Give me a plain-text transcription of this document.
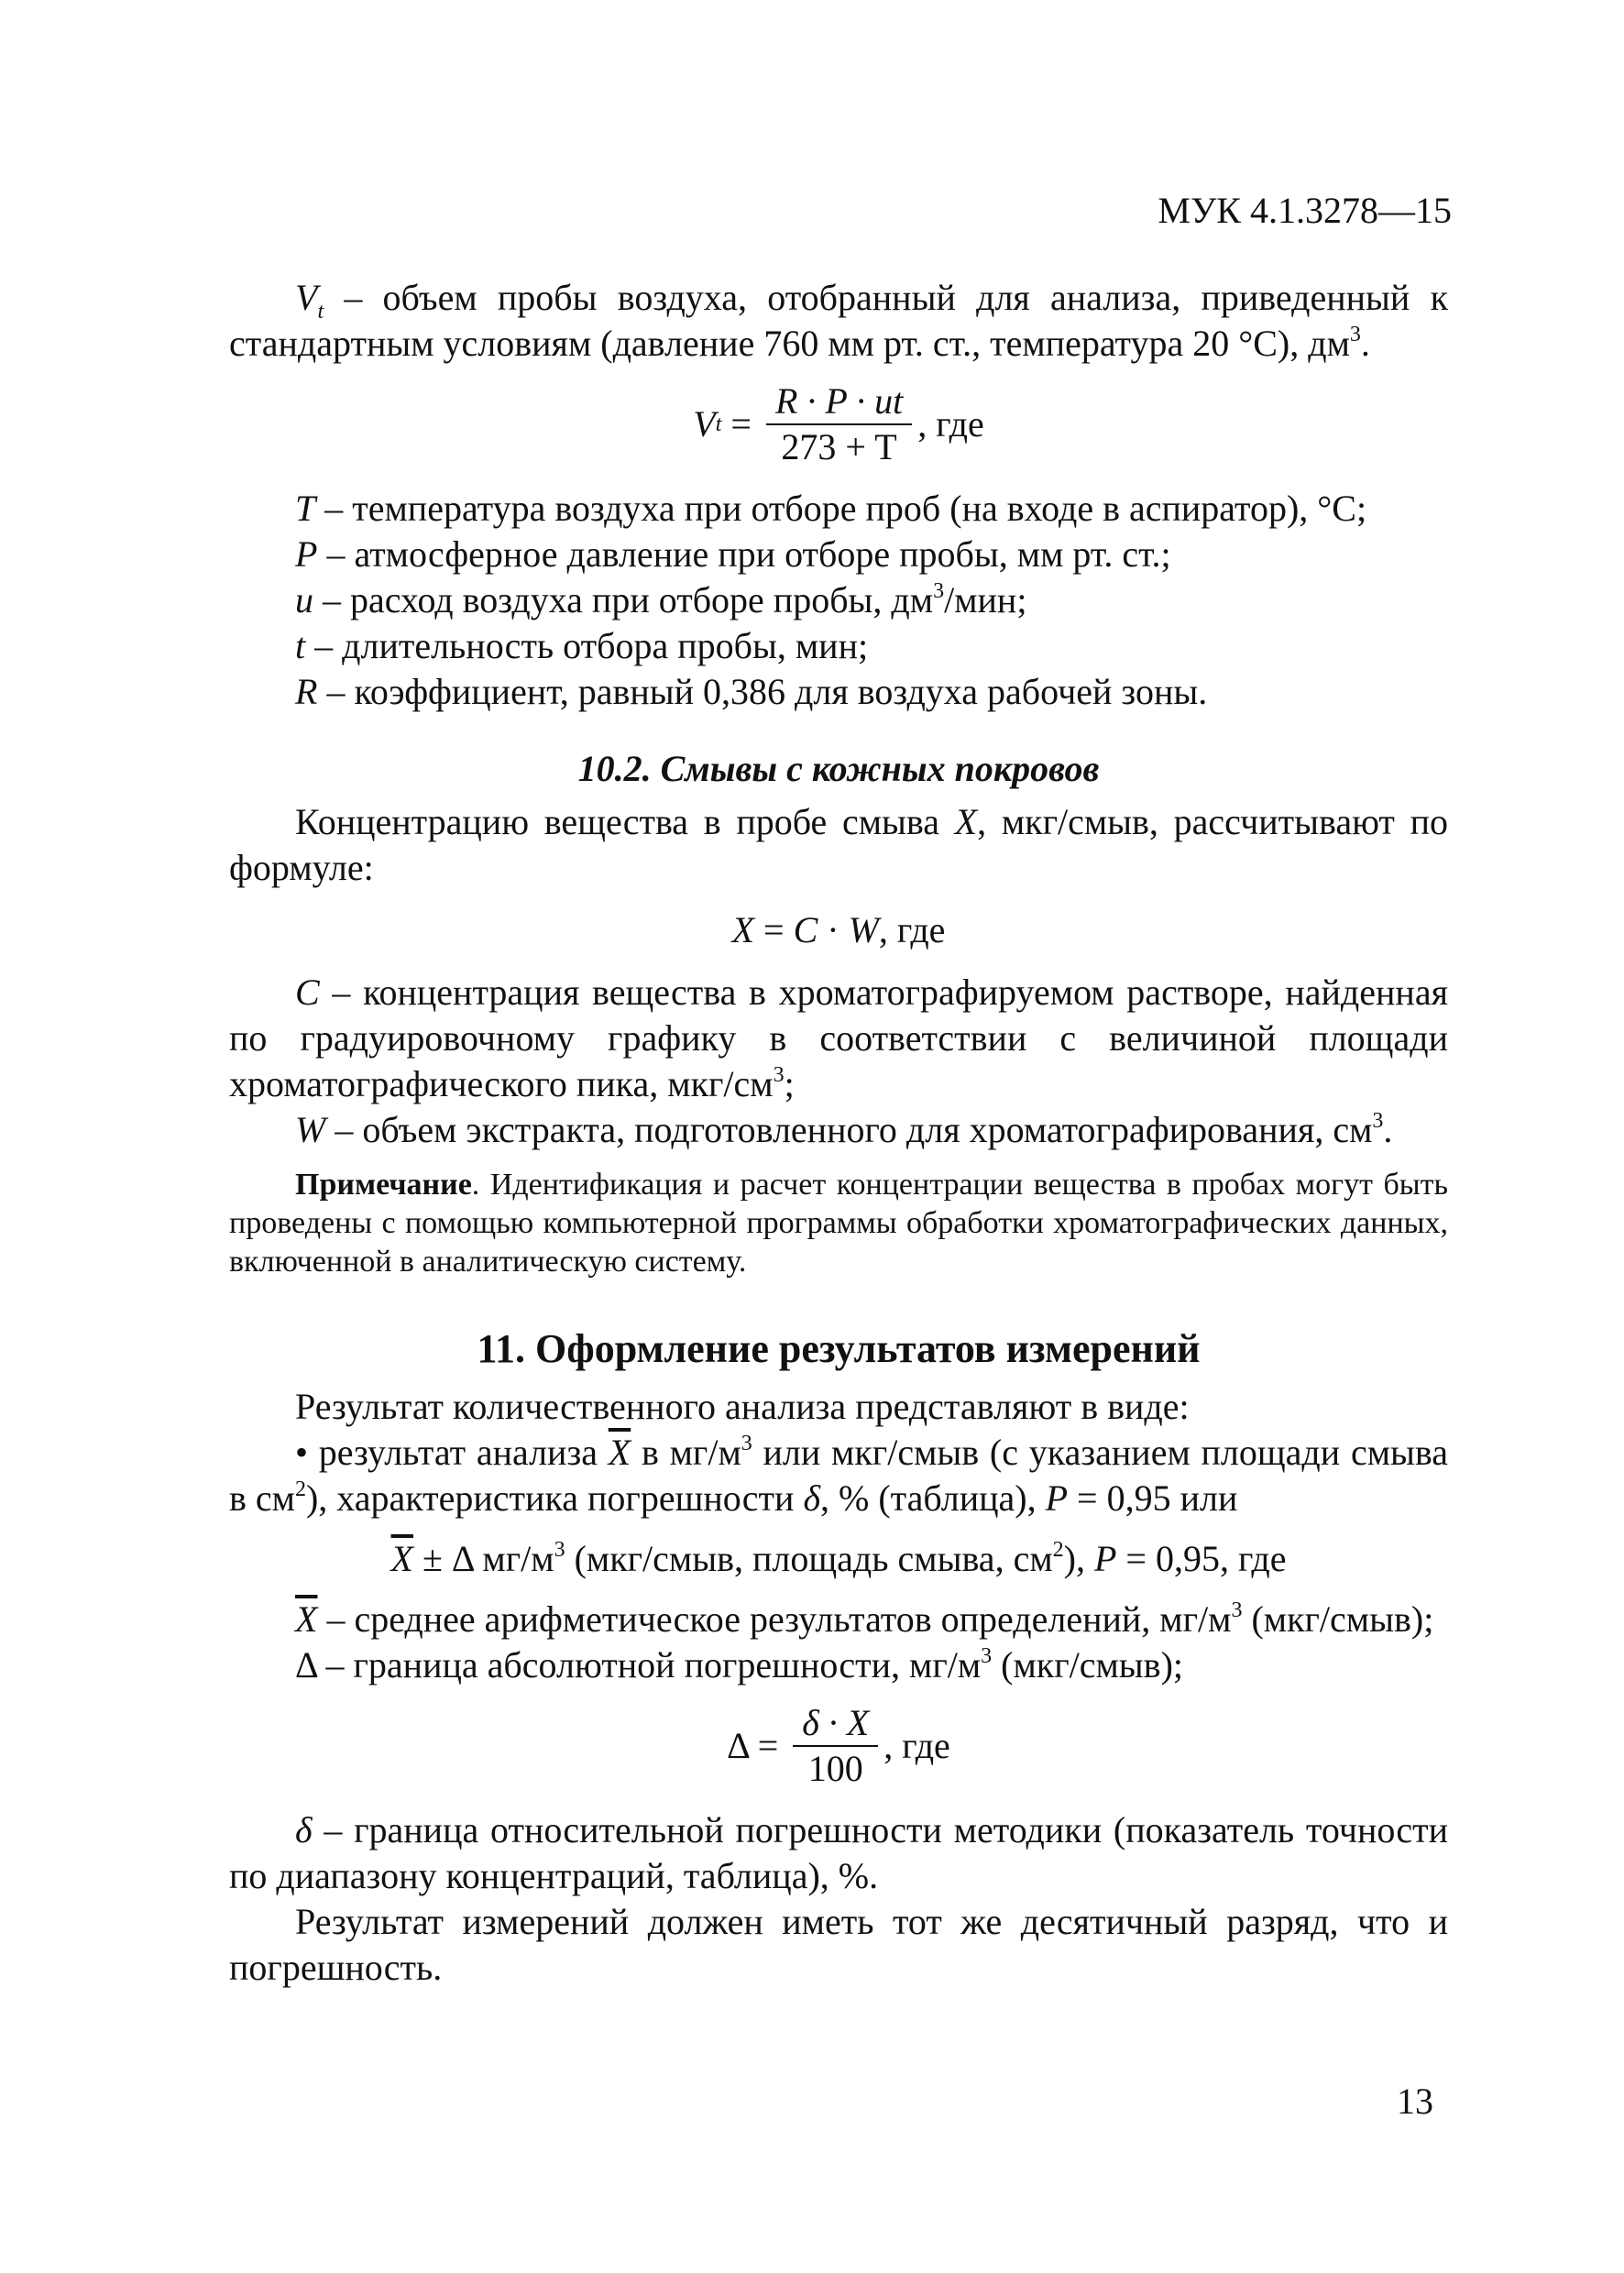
МУК 4.1.3278—15

$V_t$ – объем пробы воздуха, отобранный для анализа, приведенный к стандартным условиям (давление 760 мм рт. ст., температура 20 °С), $дм^3$.

V $t = \frac{R \cdot P \cdot ut}{273 + T}$ , где

T – температура воздуха при отборе проб (на входе в аспиратор), °С;

P – атмосферное давление при отборе пробы, мм рт. ст.;

u – расход воздуха при отборе пробы, $дм^3$/мин;

t – длительность отбора пробы, мин;

R – коэффициент, равный 0,386 для воздуха рабочей зоны.

10.2. Смывы с кожных покровов

Концентрацию вещества в пробе смыва X, мкг/смыв, рассчитывают по формуле:

X = C · W, где

C – концентрация вещества в хроматографируемом растворе, найденная по градуировочному графику в соответствии с величиной площади хроматографического пика, мкг/$см^3$;

W – объем экстракта, подготовленного для хроматографирования, $см^3$.

Примечание. Идентификация и расчет концентрации вещества в пробах могут быть проведены с помощью компьютерной программы обработки хроматографических данных, включенной в аналитическую систему.

11. Оформление результатов измерений

Результат количественного анализа представляют в виде:

• результат анализа $\overline{X}$ в $мг/м^3$ или мкг/смыв (с указанием площади смыва в $см^2$), характеристика погрешности δ, % (таблица), P = 0,95 или

$\overline{X} \pm \Delta$ $мг/м^3$ (мкг/смыв, площадь смыва, $см^2$), P = 0,95, где

$\overline{X}$ – среднее арифметическое результатов определений, $мг/м^3$ (мкг/смыв);

Δ – граница абсолютной погрешности, $мг/м^3$ (мкг/смыв);

$\Delta = \frac{\delta \cdot X}{100}$ , где

δ – граница относительной погрешности методики (показатель точности по диапазону концентраций, таблица), %.

Результат измерений должен иметь тот же десятичный разряд, что и погрешность.

13
